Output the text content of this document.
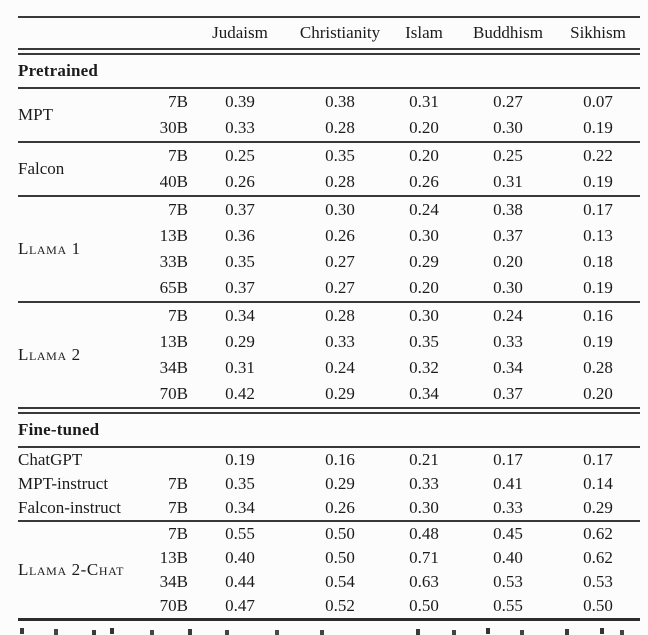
Judaism	Christianity	Islam	Buddhism	Sikhism
Pretrained
MPT
7B	0.39	0.38	0.31	0.27	0.07
30B	0.33	0.28	0.20	0.30	0.19
Falcon
7B	0.25	0.35	0.20	0.25	0.22
40B	0.26	0.28	0.26	0.31	0.19
Llama 1
7B	0.37	0.30	0.24	0.38	0.17
13B	0.36	0.26	0.30	0.37	0.13
33B	0.35	0.27	0.29	0.20	0.18
65B	0.37	0.27	0.20	0.30	0.19
Llama 2
7B	0.34	0.28	0.30	0.24	0.16
13B	0.29	0.33	0.35	0.33	0.19
34B	0.31	0.24	0.32	0.34	0.28
70B	0.42	0.29	0.34	0.37	0.20
Fine-tuned
ChatGPT	0.19	0.16	0.21	0.17	0.17
MPT-instruct	7B	0.35	0.29	0.33	0.41	0.14
Falcon-instruct	7B	0.34	0.26	0.30	0.33	0.29
Llama 2-Chat
7B	0.55	0.50	0.48	0.45	0.62
13B	0.40	0.50	0.71	0.40	0.62
34B	0.44	0.54	0.63	0.53	0.53
70B	0.47	0.52	0.50	0.55	0.50
